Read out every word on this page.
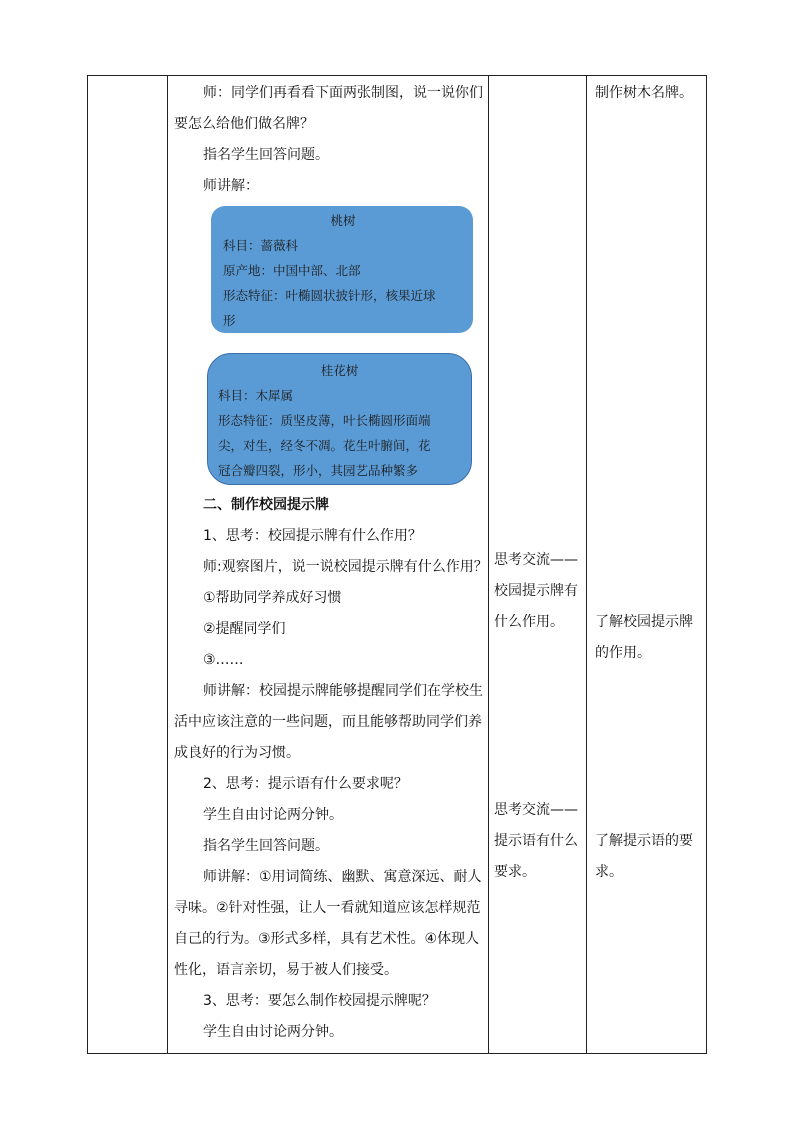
师：同学们再看看下面两张制图，说一说你们

要怎么给他们做名牌？

指名学生回答问题。

师讲解：

桃树
科目：蔷薇科
原产地：中国中部、北部
形态特征：叶椭圆状披针形，核果近球
形
桂花树
科目：木犀属
形态特征：质坚皮薄，叶长椭圆形面端
尖，对生，经冬不凋。花生叶腑间，花
冠合瓣四裂，形小，其园艺品种繁多

二、制作校园提示牌

1、思考：校园提示牌有什么作用？

师:观察图片，说一说校园提示牌有什么作用？

①帮助同学养成好习惯

②提醒同学们

③……

师讲解：校园提示牌能够提醒同学们在学校生

活中应该注意的一些问题，而且能够帮助同学们养

成良好的行为习惯。

2、思考：提示语有什么要求呢？

学生自由讨论两分钟。

指名学生回答问题。

师讲解：①用词简练、幽默、寓意深远、耐人

寻味。②针对性强，让人一看就知道应该怎样规范

自己的行为。③形式多样，具有艺术性。④体现人

性化，语言亲切，易于被人们接受。

3、思考：要怎么制作校园提示牌呢？

学生自由讨论两分钟。

思考交流——

校园提示牌有

什么作用。

思考交流——

提示语有什么

要求。

制作树木名牌。

了解校园提示牌

的作用。

了解提示语的要

求。
